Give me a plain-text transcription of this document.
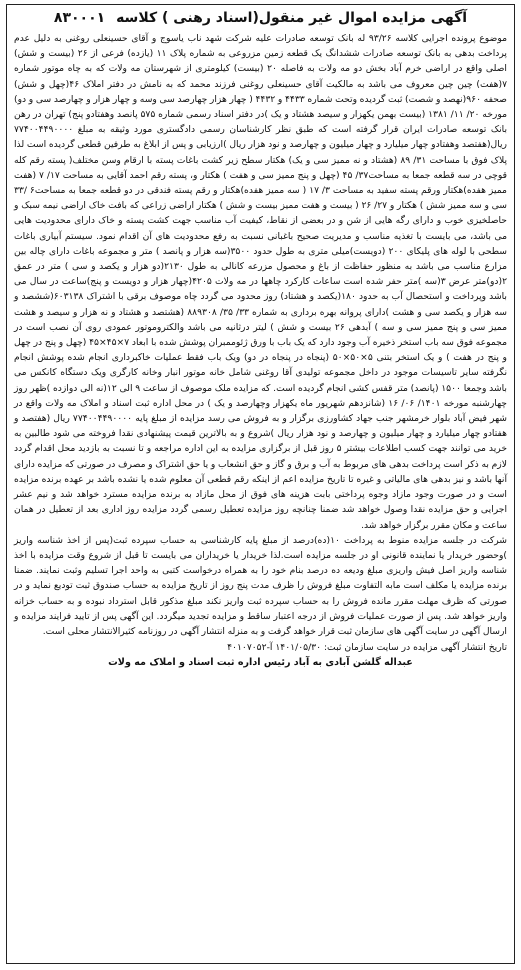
آگهی مزایده اموال غیر منقول(اسناد رهنی ) کلاسه ۸۳۰۰۰۱

موضوع پرونده اجرایی کلاسه ۹۳/۲۶ له بانک توسعه صادرات علیه شرکت شهد ناب یاسوج و آقای حسینعلی روغنی به دلیل عدم پرداخت بدهی به بانک توسعه صادرات ششدانگ یک قطعه زمین مزروعی به شماره پلاک ۱۱ (یازده) فرعی از ۲۶ (بیست و شش) اصلی واقع در اراضی خرم آباد بخش دو مه ولات به فاصله ۲۰ (بیست) کیلومتری از شهرستان مه ولات که به چاه موتور شماره ۷(هفت) چین چین معروف می باشد به مالکیت آقای حسینعلی روغنی فرزند محمد که به نامش در دفتر املاک ۴۶(چهل و شش) صحفه ۹۶۰(نهصد و شصت) ثبت گردیده وتحت شماره ۴۴۳۳ و ۴۴۳۲ ( چهار هزار چهارصد سی وسه و چهار هزار و چهارصد سی و دو) مورخه ۲۰/ ۱۱/ ۱۳۸۱ (بیست بهمن یکهزار و سیصد هشتاد و یک )در دفتر اسناد رسمی شماره ۵۷۵ پانصد وهفتادو پنج) تهران در رهن بانک توسعه صادرات ایران قرار گرفته است که طبق نظر کارشناسان رسمی دادگستری مورد وثیقه به مبلغ ۷۷۴۰۰۴۴۹۰۰۰۰ ریال(هفتصد وهفتادو چهار میلیارد و چهار میلیون و چهارصد و نود هزار ریال )ارزیابی و پس از ابلاغ به طرفین قطعی گردیده است لذا پلاک فوق با مساحت ۳۱/ ۸۹ (هشتاد و نه ممیز سی و یک) هکتار سطح زیر کشت باغات پسته با ارقام وسن مختلف( پسته رقم کله قوچی در سه قطعه جمعا به مساحت۳۷/ ۴۵ (چهل و پنج ممیز سی و هفت ) هکتار و، پسته رقم احمد آقایی به مساحت ۱۷/ ۷ (هفت ممیز هفده)هکتار ورقم پسته سفید به مساحت ۳/ ۱۷ ( سه ممیز هفده)هکتار و رقم پسته فندقی در دو قطعه جمعا به مساحت۶ /۳۳ سی و سه ممیز شش ) هکتار و ۲۷/ ۲۶ ( بیست و هفت ممیز بیست و شش ) هکتار اراضی زراعی که بافت خاک اراضی نیمه سبک و حاصلخیزی خوب و دارای رگه هایی از شن و در بعضی از نقاط، کیفیت آب مناسب جهت کشت پسته و خاک دارای محدودیت هایی می باشد، می بایست با تغذیه مناسب و مدیریت صحیح باغبانی نسبت به رفع محدودیت های آن اقدام نمود. سیستم آبیاری باغات سطحی با لوله های پلیکای ۲۰۰ (دویست)میلی متری به طول حدود ۳۵۰۰(سه هزار و پانصد ) متر و مجموعه باغات دارای چاله بین مزارع مناسب می باشد به منظور حفاظت از باغ و محصول مزرعه کانالی به طول ۲۱۳۰(دو هزار و یکصد و سی ) متر در عمق ۲(دو)متر عرض ۳(سه )متر حفر شده است ساعات کارکرد چاهها در مه ولات ۴۲۰۵(چهار هزار و دویست و پنج)ساعت در سال می باشد وپرداخت و استحصال آب به حدود ۱۸۰(یکصد و هشتاد) روز محدود می گردد چاه موصوف برقی با اشتراک ۶۰۳۱۳۸(ششصد و سه هزار و یکصد سی و هشت )دارای پروانه بهره برداری به شماره ۳۳/ ۳۵/ ۸۸۹۳۰۸ (هشتصد و هشتاد و نه هزار و سیصد و هشت ممیز سی و پنج ممیز سی و سه ) آبدهی ۲۶ بیست و شش ) لیتر درثانیه می باشد والکتروموتور عمودی روی آن نصب است در مجموعه فوق سه باب استخر ذخیره آب وجود دارد که یک باب با ورق ژئوممبران پوشش شده با ابعاد ۷×۴۵×۴۵ (چهل و پنج در چهل و پنج در هفت ) و یک استخر بتنی ۵×۵۰×۵۰ (پنجاه در پنجاه در دو) ویک باب فقط عملیات خاکبرداری انجام شده پوشش انجام نگرفته سایر تاسیسات موجود در داخل مجموعه تولیدی آقا روغنی شامل خانه موتور انبار وخانه کارگری ویک دستگاه کانکس می باشد وجمعا ۱۵۰۰ (پانصد) متر قفس کشی انجام گردیده است. که مزایده ملک موصوف از ساعت ۹ الی ۱۲(نه الی دوازده )ظهر روز چهارشنبه مورخه ۱۴۰۱/ ۰۶/ ۱۶ (شانزدهم شهریور ماه یکهزار وچهارصد و یک ) در محل اداره ثبت اسناد و املاک مه ولات واقع در شهر فیض آباد بلوار خرمشهر جنب جهاد کشاورزی برگزار و به فروش می رسد مزایده از مبلغ پایه ۷۷۴۰۰۴۴۹۰۰۰۰ ریال (هفتصد و هفتادو چهار میلیارد و چهار میلیون و چهارصد و نود هزار ریال )شروع و به بالاترین قیمت پیشنهادی نقدا فروخته می شود طالبین به خرید می توانند جهت کسب اطلاعات بیشتر ۵ روز قبل از برگزاری مزایده به این اداره مراجعه و تا نسبت به بازدید محل اقدام گردد لازم به ذکر است پرداخت بدهی های مربوط به آب و برق و گاز و حق انشعاب و یا حق اشتراک و مصرف در صورتی که مزایده دارای آنها باشد و نیز بدهی های مالیاتی و غیره تا تاریخ مزایده اعم از اینکه رقم قطعی آن معلوم شده یا نشده باشد بر عهده برنده مزایده است و در صورت وجود مازاد وجوه پرداختی بابت هزینه های فوق از محل مازاد به برنده مزایده مسترد خواهد شد و نیم عشر اجرایی و حق مزایده نقدا وصول خواهد شد ضمنا چنانچه روز مزایده تعطیل رسمی گردد مزایده روز اداری بعد از تعطیل در همان ساعت و مکان مقرر برگزار خواهد شد.

شرکت در جلسه مزایده منوط به پرداخت ۱۰(ده)درصد از مبلغ پایه کارشناسی به حساب سپرده ثبت(پس از اخذ شناسه واریز )وحضور خریدار یا نماینده قانونی او در جلسه مزایده است.لذا خریدار یا خریداران می بایست تا قبل از شروع وقت مزایده با اخذ شناسه واریز اصل فیش واریزی مبلغ ودیعه ده درصد بنام خود را به همراه درخواست کتبی به واحد اجرا تسلیم وثبت نمایند. ضمنا برنده مزایده یا مکلف است مابه التفاوت مبلغ فروش را ظرف مدت پنج روز از تاریخ مزایده به حساب صندوق ثبت تودیع نماید و در صورتی که ظرف مهلت مقرر مانده فروش را به حساب سپرده ثبت واریز نکند مبلغ مذکور قابل استرداد نبوده و به حساب خزانه واریز خواهد شد. پس از صورت عملیات فروش از درجه اعتبار ساقط و مزایده تجدید میگردد. این آگهی پس از تایید فرایند مزایده و ارسال آگهی در سایت آگهی های سازمان ثبت قرار خواهد گرفت و به منزله انتشار آگهی در روزنامه کثیرالانتشار محلی است.

تاریخ انتشار آگهی مزایده در سایت سازمان ثبت: ۱۴۰۱/۰۵/۳۰ آ-۴۰۱۰۷۰۵۲

عبداله گلشن آبادی به آباد رئیس اداره ثبت اسناد و املاک مه ولات
